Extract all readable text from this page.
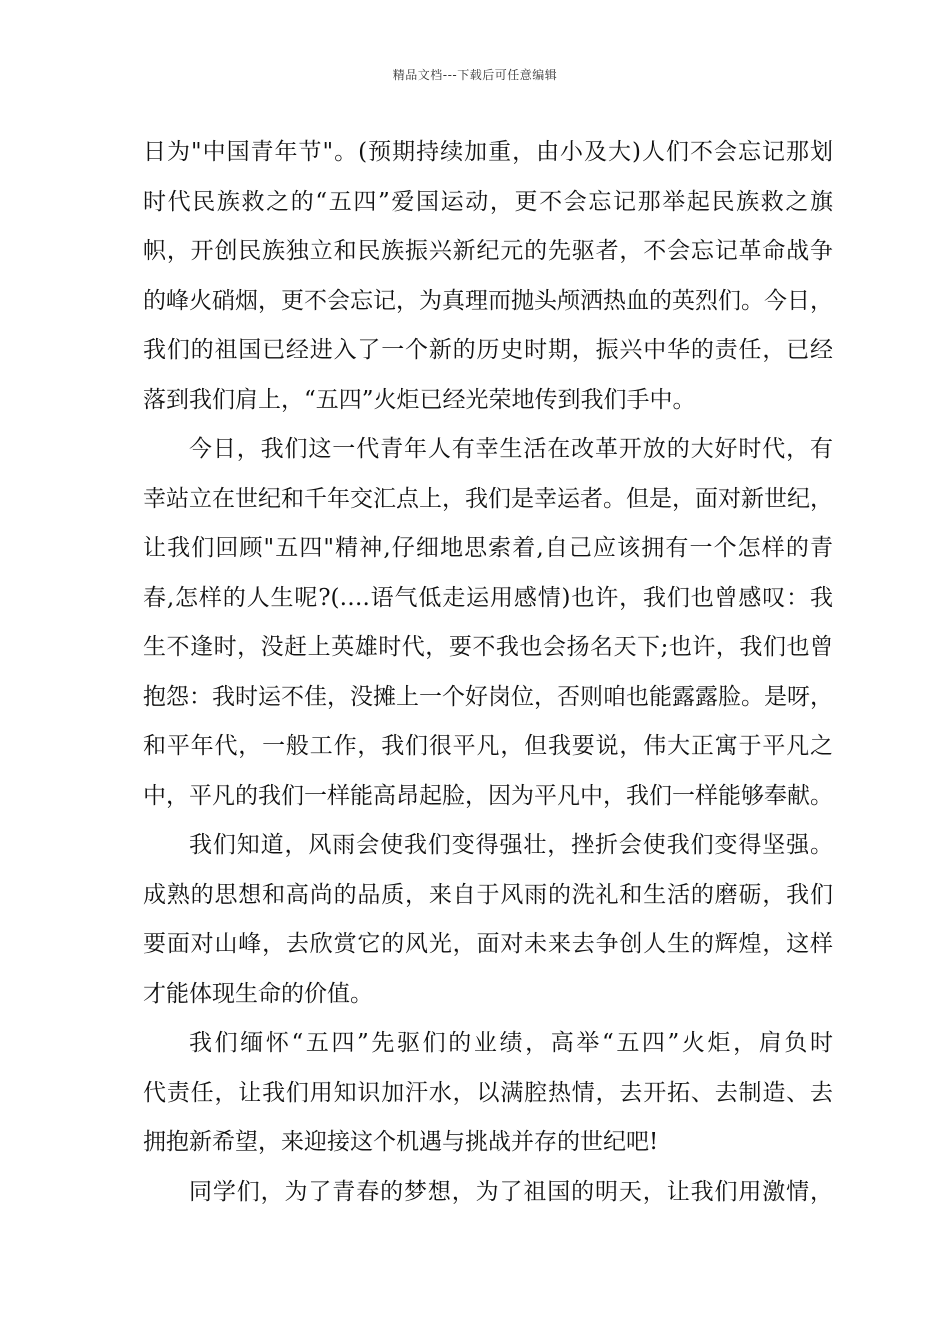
精品文档---下载后可任意编辑
日为"中国青年节"。(预期持续加重，由小及大)人们不会忘记那划
时代民族救之的“五四”爱国运动，更不会忘记那举起民族救之旗
帜，开创民族独立和民族振兴新纪元的先驱者，不会忘记革命战争
的峰火硝烟，更不会忘记，为真理而抛头颅洒热血的英烈们。今日，
我们的祖国已经进入了一个新的历史时期，振兴中华的责任，已经
落到我们肩上，“五四”火炬已经光荣地传到我们手中。
今日，我们这一代青年人有幸生活在改革开放的大好时代，有
幸站立在世纪和千年交汇点上，我们是幸运者。但是，面对新世纪，
让我们回顾"五四"精神,仔细地思索着,自己应该拥有一个怎样的青
春,怎样的人生呢?(….语气低走运用感情)也许，我们也曾感叹：我
生不逢时，没赶上英雄时代，要不我也会扬名天下;也许，我们也曾
抱怨：我时运不佳，没摊上一个好岗位，否则咱也能露露脸。是呀，
和平年代，一般工作，我们很平凡，但我要说，伟大正寓于平凡之
中，平凡的我们一样能高昂起脸，因为平凡中，我们一样能够奉献。
我们知道，风雨会使我们变得强壮，挫折会使我们变得坚强。
成熟的思想和高尚的品质，来自于风雨的洗礼和生活的磨砺，我们
要面对山峰，去欣赏它的风光，面对未来去争创人生的辉煌，这样
才能体现生命的价值。
我们缅怀“五四”先驱们的业绩，高举“五四”火炬，肩负时
代责任，让我们用知识加汗水，以满腔热情，去开拓、去制造、去
拥抱新希望，来迎接这个机遇与挑战并存的世纪吧!
同学们，为了青春的梦想，为了祖国的明天，让我们用激情，
